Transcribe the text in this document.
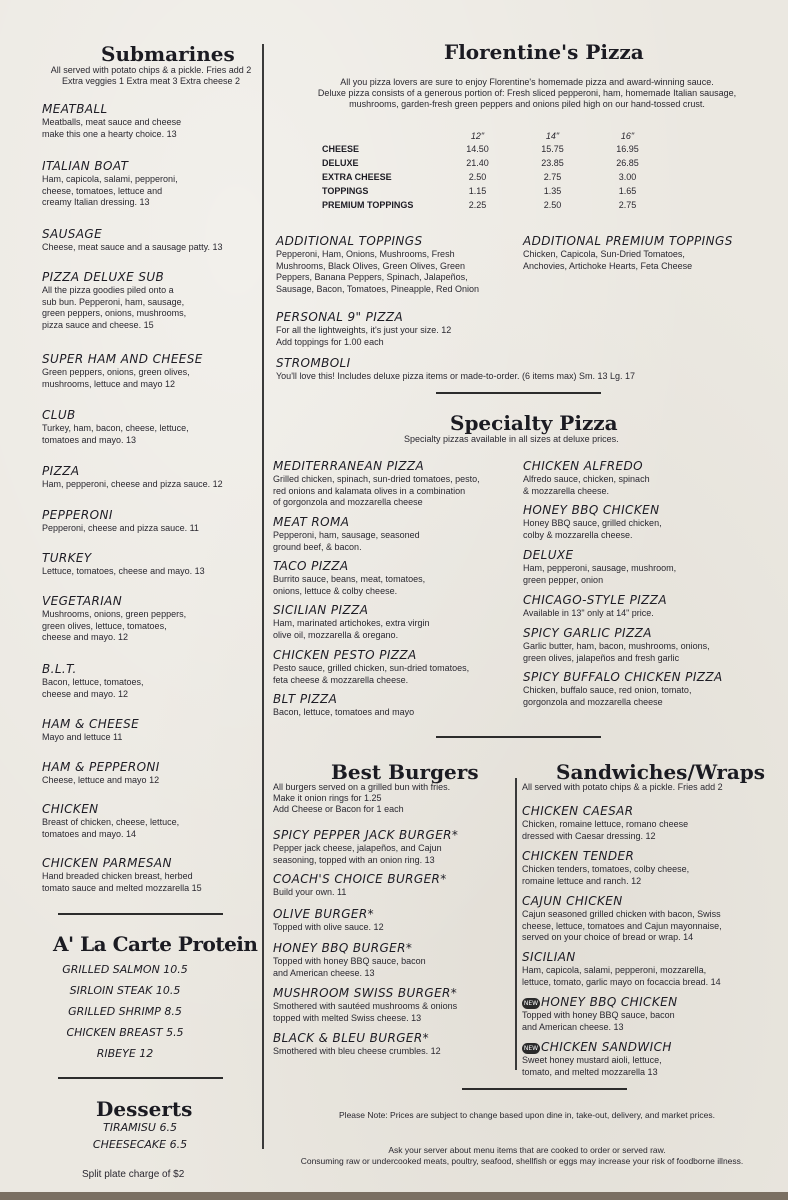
Submarines
All served with potato chips & a pickle. Fries add 2
Extra veggies 1 Extra meat 3 Extra cheese 2
MEATBALL
Meatballs, meat sauce and cheese
make this one a hearty choice. 13
ITALIAN BOAT
Ham, capicola, salami, pepperoni,
cheese, tomatoes, lettuce and
creamy Italian dressing. 13
SAUSAGE
Cheese, meat sauce and a sausage patty. 13
PIZZA DELUXE SUB
All the pizza goodies piled onto a
sub bun. Pepperoni, ham, sausage,
green peppers, onions, mushrooms,
pizza sauce and cheese. 15
SUPER HAM AND CHEESE
Green peppers, onions, green olives,
mushrooms, lettuce and mayo 12
CLUB
Turkey, ham, bacon, cheese, lettuce,
tomatoes and mayo. 13
PIZZA
Ham, pepperoni, cheese and pizza sauce. 12
PEPPERONI
Pepperoni, cheese and pizza sauce. 11
TURKEY
Lettuce, tomatoes, cheese and mayo. 13
VEGETARIAN
Mushrooms, onions, green peppers,
green olives, lettuce, tomatoes,
cheese and mayo. 12
B.L.T.
Bacon, lettuce, tomatoes,
cheese and mayo. 12
HAM & CHEESE
Mayo and lettuce 11
HAM & PEPPERONI
Cheese, lettuce and mayo 12
CHICKEN
Breast of chicken, cheese, lettuce,
tomatoes and mayo. 14
CHICKEN PARMESAN
Hand breaded chicken breast, herbed
tomato sauce and melted mozzarella 15
A' La Carte Protein
GRILLED SALMON 10.5
SIRLOIN STEAK 10.5
GRILLED SHRIMP 8.5
CHICKEN BREAST 5.5
RIBEYE 12
Desserts
TIRAMISU 6.5
CHEESECAKE 6.5
Split plate charge of $2
Florentine's Pizza
All you pizza lovers are sure to enjoy Florentine's homemade pizza and award-winning sauce.
Deluxe pizza consists of a generous portion of: Fresh sliced pepperoni, ham, homemade Italian sausage,
mushrooms, garden-fresh green peppers and onions piled high on our hand-tossed crust.
	12"	14"	16"
CHEESE	14.50	15.75	16.95
DELUXE	21.40	23.85	26.85
EXTRA CHEESE	2.50	2.75	3.00
TOPPINGS	1.15	1.35	1.65
PREMIUM TOPPINGS	2.25	2.50	2.75
ADDITIONAL TOPPINGS
Pepperoni, Ham, Onions, Mushrooms, Fresh
Mushrooms, Black Olives, Green Olives, Green
Peppers, Banana Peppers, Spinach, Jalapeños,
Sausage, Bacon, Tomatoes, Pineapple, Red Onion
ADDITIONAL PREMIUM TOPPINGS
Chicken, Capicola, Sun-Dried Tomatoes,
Anchovies, Artichoke Hearts, Feta Cheese
PERSONAL 9" PIZZA
For all the lightweights, it's just your size. 12
Add toppings for 1.00 each
STROMBOLI
You'll love this! Includes deluxe pizza items or made-to-order. (6 items max) Sm. 13 Lg. 17
Specialty Pizza
Specialty pizzas available in all sizes at deluxe prices.
MEDITERRANEAN PIZZA
Grilled chicken, spinach, sun-dried tomatoes, pesto,
red onions and kalamata olives in a combination
of gorgonzola and mozzarella cheese
MEAT ROMA
Pepperoni, ham, sausage, seasoned
ground beef, & bacon.
TACO PIZZA
Burrito sauce, beans, meat, tomatoes,
onions, lettuce & colby cheese.
SICILIAN PIZZA
Ham, marinated artichokes, extra virgin
olive oil, mozzarella & oregano.
CHICKEN PESTO PIZZA
Pesto sauce, grilled chicken, sun-dried tomatoes,
feta cheese & mozzarella cheese.
BLT PIZZA
Bacon, lettuce, tomatoes and mayo
CHICKEN ALFREDO
Alfredo sauce, chicken, spinach
& mozzarella cheese.
HONEY BBQ CHICKEN
Honey BBQ sauce, grilled chicken,
colby & mozzarella cheese.
DELUXE
Ham, pepperoni, sausage, mushroom,
green pepper, onion
CHICAGO-STYLE PIZZA
Available in 13" only at 14" price.
SPICY GARLIC PIZZA
Garlic butter, ham, bacon, mushrooms, onions,
green olives, jalapeños and fresh garlic
SPICY BUFFALO CHICKEN PIZZA
Chicken, buffalo sauce, red onion, tomato,
gorgonzola and mozzarella cheese
Best Burgers
All burgers served on a grilled bun with fries.
Make it onion rings for 1.25
Add Cheese or Bacon for 1 each
SPICY PEPPER JACK BURGER*
Pepper jack cheese, jalapeños, and Cajun
seasoning, topped with an onion ring. 13
COACH'S CHOICE BURGER*
Build your own. 11
OLIVE BURGER*
Topped with olive sauce. 12
HONEY BBQ BURGER*
Topped with honey BBQ sauce, bacon
and American cheese. 13
MUSHROOM SWISS BURGER*
Smothered with sautéed mushrooms & onions
topped with melted Swiss cheese. 13
BLACK & BLEU BURGER*
Smothered with bleu cheese crumbles. 12
Sandwiches/Wraps
All served with potato chips & a pickle. Fries add 2
CHICKEN CAESAR
Chicken, romaine lettuce, romano cheese
dressed with Caesar dressing. 12
CHICKEN TENDER
Chicken tenders, tomatoes, colby cheese,
romaine lettuce and ranch. 12
CAJUN CHICKEN
Cajun seasoned grilled chicken with bacon, Swiss
cheese, lettuce, tomatoes and Cajun mayonnaise,
served on your choice of bread or wrap. 14
SICILIAN
Ham, capicola, salami, pepperoni, mozzarella,
lettuce, tomato, garlic mayo on focaccia bread. 14
NEW HONEY BBQ CHICKEN
Topped with honey BBQ sauce, bacon
and American cheese. 13
NEW CHICKEN SANDWICH
Sweet honey mustard aioli, lettuce,
tomato, and melted mozzarella 13
Please Note: Prices are subject to change based upon dine in, take-out, delivery, and market prices.
Ask your server about menu items that are cooked to order or served raw.
Consuming raw or undercooked meats, poultry, seafood, shellfish or eggs may increase your risk of foodborne illness.
